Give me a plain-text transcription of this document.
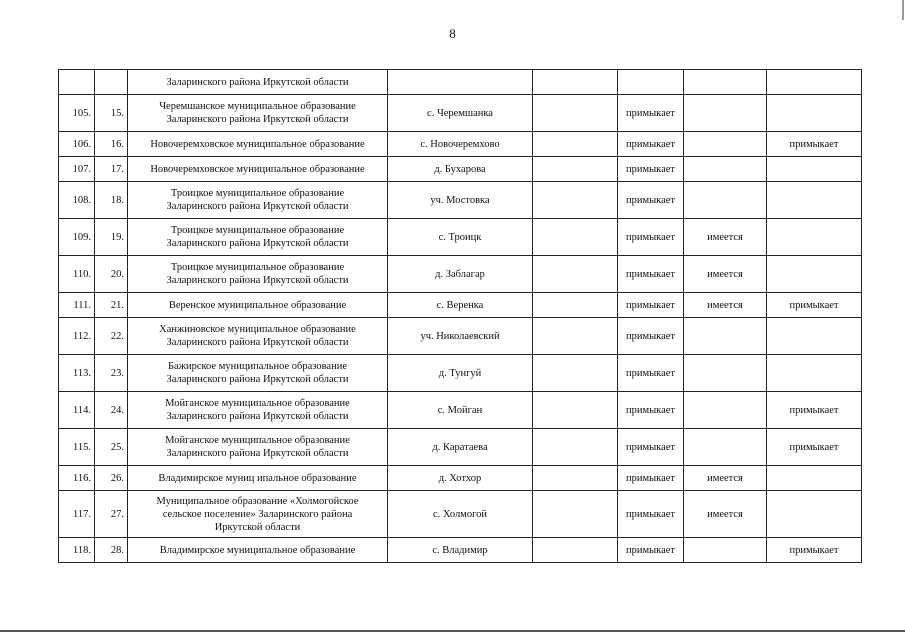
8
		Заларинского района Иркутской области					
105.	15.	Черемшанское муниципальное образование
Заларинского района Иркутской области	с. Черемшанка		примыкает		
106.	16.	Новочеремховское муниципальное образование	с. Новочеремхово		примыкает		примыкает
107.	17.	Новочеремховское муниципальное образование	д. Бухарова		примыкает		
108.	18.	Троицкое муниципальное образование
Заларинского района Иркутской области	уч. Мостовка		примыкает		
109.	19.	Троицкое муниципальное образование
Заларинского района Иркутской области	с. Троицк		примыкает	имеется	
110.	20.	Троицкое муниципальное образование
Заларинского района Иркутской области	д. Заблагар		примыкает	имеется	
111.	21.	Веренское муниципальное образование	с. Веренка		примыкает	имеется	примыкает
112.	22.	Ханжиновское муниципальное образование
Заларинского района Иркутской области	уч. Николаевский		примыкает		
113.	23.	Бажирское муниципальное образование
Заларинского района Иркутской области	д. Тунгуй		примыкает		
114.	24.	Мойганское муниципальное образование
Заларинского района Иркутской области	с. Мойган		примыкает		примыкает
115.	25.	Мойганское муниципальное образование
Заларинского района Иркутской области	д. Каратаева		примыкает		примыкает
116.	26.	Владимирское муниц ипальное образование	д. Хотхор		примыкает	имеется	
117.	27.	Муниципальное образование «Холмогойское
сельское поселение» Заларинского района
Иркутской области	с. Холмогой		примыкает	имеется	
118.	28.	Владимирское муниципальное образование	с. Владимир		примыкает		примыкает
